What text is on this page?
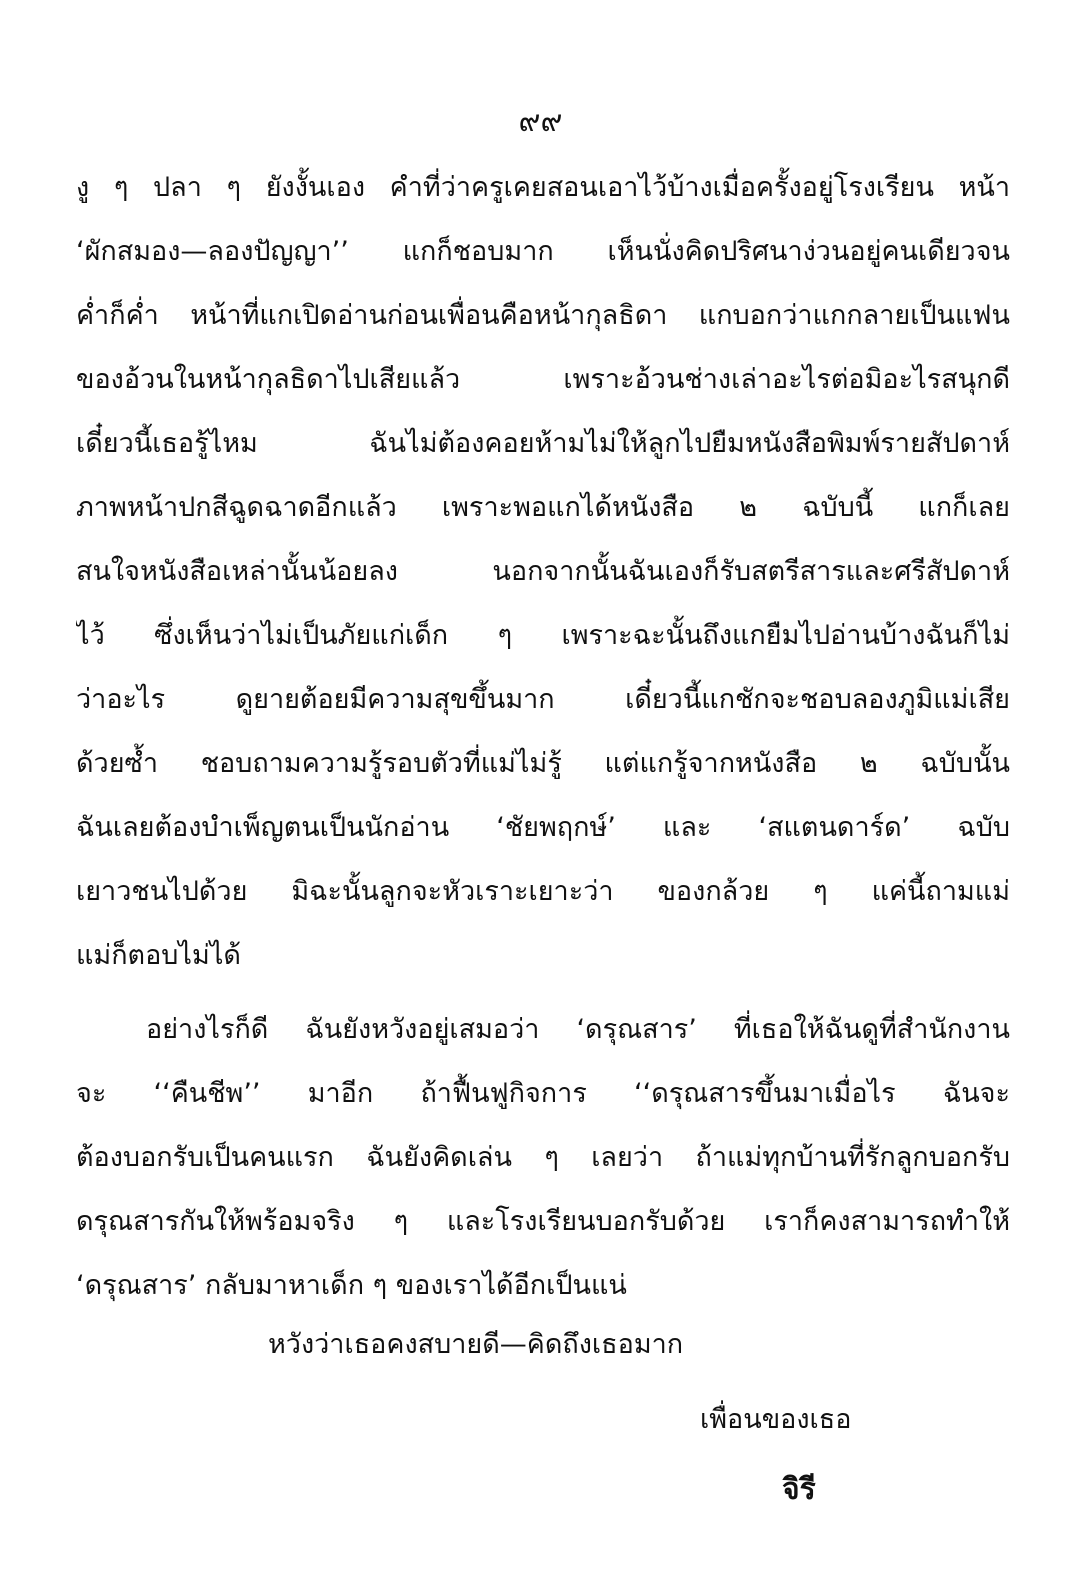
๙๙
งู ๆ ปลา ๆ ยังงั้นเอง คำที่ว่าครูเคยสอนเอาไว้บ้างเมื่อครั้งอยู่โรงเรียน หน้า
‘ผักสมอง—ลองปัญญา’’ แกก็ชอบมาก เห็นนั่งคิดปริศนาง่วนอยู่คนเดียวจน
ค่ำก็ค่ำ หน้าที่แกเปิดอ่านก่อนเพื่อนคือหน้ากุลธิดา แกบอกว่าแกกลายเป็นแฟน
ของอ้วนในหน้ากุลธิดาไปเสียแล้ว เพราะอ้วนช่างเล่าอะไรต่อมิอะไรสนุกดี
เดี๋ยวนี้เธอรู้ไหม ฉันไม่ต้องคอยห้ามไม่ให้ลูกไปยืมหนังสือพิมพ์รายสัปดาห์
ภาพหน้าปกสีฉูดฉาดอีกแล้ว เพราะพอแกได้หนังสือ ๒ ฉบับนี้ แกก็เลย
สนใจหนังสือเหล่านั้นน้อยลง นอกจากนั้นฉันเองก็รับสตรีสารและศรีสัปดาห์
ไว้ ซึ่งเห็นว่าไม่เป็นภัยแก่เด็ก ๆ เพราะฉะนั้นถึงแกยืมไปอ่านบ้างฉันก็ไม่
ว่าอะไร ดูยายต้อยมีความสุขขึ้นมาก เดี๋ยวนี้แกชักจะชอบลองภูมิแม่เสีย
ด้วยซ้ำ ชอบถามความรู้รอบตัวที่แม่ไม่รู้ แต่แกรู้จากหนังสือ ๒ ฉบับนั้น
ฉันเลยต้องบำเพ็ญตนเป็นนักอ่าน ‘ชัยพฤกษ์’ และ ‘สแตนดาร์ด’ ฉบับ
เยาวชนไปด้วย มิฉะนั้นลูกจะหัวเราะเยาะว่า ของกล้วย ๆ แค่นี้ถามแม่
แม่ก็ตอบไม่ได้
อย่างไรก็ดี ฉันยังหวังอยู่เสมอว่า ‘ดรุณสาร’ ที่เธอให้ฉันดูที่สำนักงาน
จะ ‘‘คืนชีพ’’ มาอีก ถ้าฟื้นฟูกิจการ ‘‘ดรุณสารขึ้นมาเมื่อไร ฉันจะ
ต้องบอกรับเป็นคนแรก ฉันยังคิดเล่น ๆ เลยว่า ถ้าแม่ทุกบ้านที่รักลูกบอกรับ
ดรุณสารกันให้พร้อมจริง ๆ และโรงเรียนบอกรับด้วย เราก็คงสามารถทำให้
‘ดรุณสาร’ กลับมาหาเด็ก ๆ ของเราได้อีกเป็นแน่
หวังว่าเธอคงสบายดี—คิดถึงเธอมาก
เพื่อนของเธอ
จิรี
